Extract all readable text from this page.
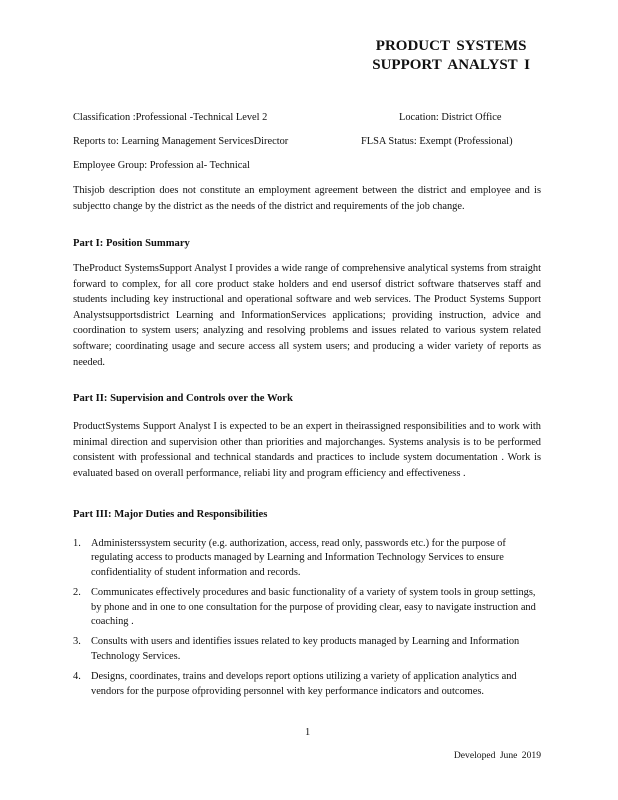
PRODUCT SYSTEMS
SUPPORT ANALYST I
Classification :Professional -Technical Level 2	Location: District Office
Reports to: Learning Management ServicesDirector	FLSA Status: Exempt (Professional)
Employee Group: Profession al- Technical
Thisjob description does not constitute an employment agreement between the district and employee and is subjectto change by the district as the needs of the district and requirements of the job change.
Part I: Position Summary
TheProduct SystemsSupport Analyst I provides a wide range of comprehensive analytical systems from straight forward to complex, for all core product stake holders and end usersof district software thatserves staff and students including key instructional and operational software and web services. The Product Systems Support Analystsupportsdistrict Learning and InformationServices applications; providing instruction, advice and coordination to system users; analyzing and resolving problems and issues related to various system related software; coordinating usage and secure access all system users; and producing a wider variety of reports as needed.
Part II: Supervision and Controls over the Work
ProductSystems Support Analyst I is expected to be an expert in theirassigned responsibilities and to work with minimal direction and supervision other than priorities and majorchanges. Systems analysis is to be performed consistent with professional and technical standards and practices to include system documentation . Work is evaluated based on overall performance, reliabi lity and program efficiency and effectiveness .
Part III: Major Duties and Responsibilities
1. Administerssystem security (e.g. authorization, access, read only, passwords etc.) for the purpose of regulating access to products managed by Learning and Information Technology Services to ensure confidentiality of student information and records.
2. Communicates effectively procedures and basic functionality of a variety of system tools in group settings, by phone and in one to one consultation for the purpose of providing clear, easy to navigate instruction and coaching .
3. Consults with users and identifies issues related to key products managed by Learning and Information Technology Services.
4. Designs, coordinates, trains and develops report options utilizing a variety of application analytics and vendors for the purpose ofproviding personnel with key performance indicators and outcomes.
1
Developed June 2019
